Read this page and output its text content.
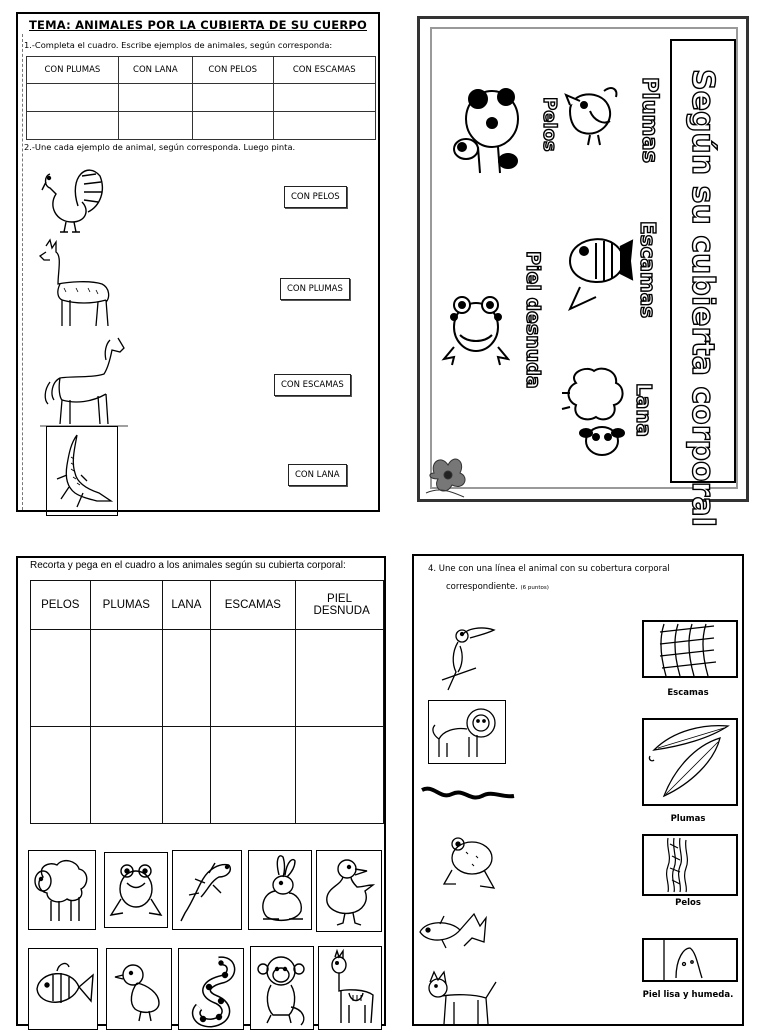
TEMA: ANIMALES POR LA CUBIERTA DE SU CUERPO
1.-Completa el cuadro. Escribe ejemplos de animales, según corresponda:
CON PLUMAS	CON LANA	CON PELOS	CON ESCAMAS

2.-Une cada ejemplo de animal, según corresponda. Luego pinta.
CON PELOS
CON PLUMAS
CON ESCAMAS
CON LANA	Según su cubierta corporal
Plumas
Pelos
Escamas
Piel desnuda
Lana
Recorta y pega en el cuadro a los animales según su cubierta corporal:
PELOS	PLUMAS	LANA	ESCAMAS	PIEL DESNUDA

4. Une con una línea el animal con su cobertura corporal
correspondiente. (6 puntos)
Escamas
Plumas
Pelos
Piel lisa y humeda.
